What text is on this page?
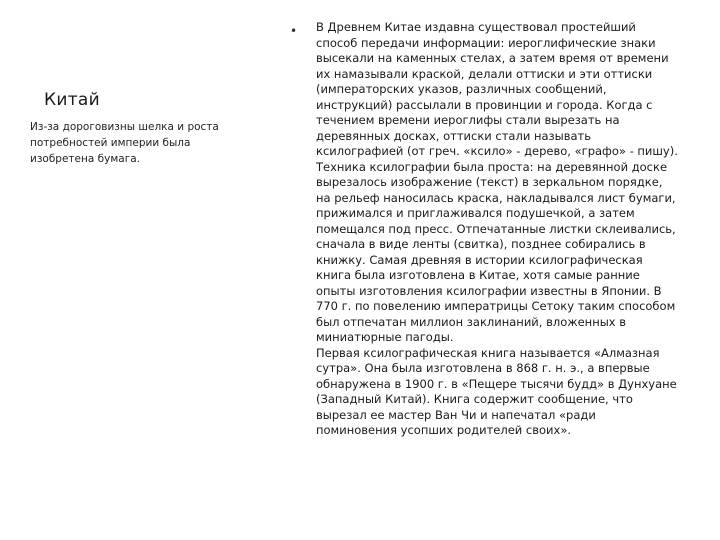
Китай
Из-за дороговизны шелка и роста потребностей империи была изобретена бумага.
• В Древнем Китае издавна существовал простейший способ передачи информации: иероглифические знаки высекали на каменных стелах, а затем время от времени их намазывали краской, делали оттиски и эти оттиски (императорских указов, различных сообщений, инструкций) рассылали в провинции и города. Когда с течением времени иероглифы стали вырезать на деревянных досках, оттиски стали называть ксилографией (от греч. «ксило» - дерево, «графо» - пишу). Техника ксилографии была проста: на деревянной доске вырезалось изображение (текст) в зеркальном порядке, на рельеф наносилась краска, накладывался лист бумаги, прижимался и приглаживался подушечкой, а затем помещался под пресс. Отпечатанные листки склеивались, сначала в виде ленты (свитка), позднее собирались в книжку. Самая древняя в истории ксилографическая книга была изготовлена в Китае, хотя самые ранние опыты изготовления ксилографии известны в Японии. В 770 г. по повелению императрицы Сетоку таким способом был отпечатан миллион заклинаний, вложенных в миниатюрные пагоды.

Первая ксилографическая книга называется «Алмазная сутра». Она была изготовлена в 868 г. н. э., а впервые обнаружена в 1900 г. в «Пещере тысячи будд» в Дунхуане (Западный Китай). Книга содержит сообщение, что вырезал ее мастер Ван Чи и напечатал «ради поминовения усопших родителей своих».
